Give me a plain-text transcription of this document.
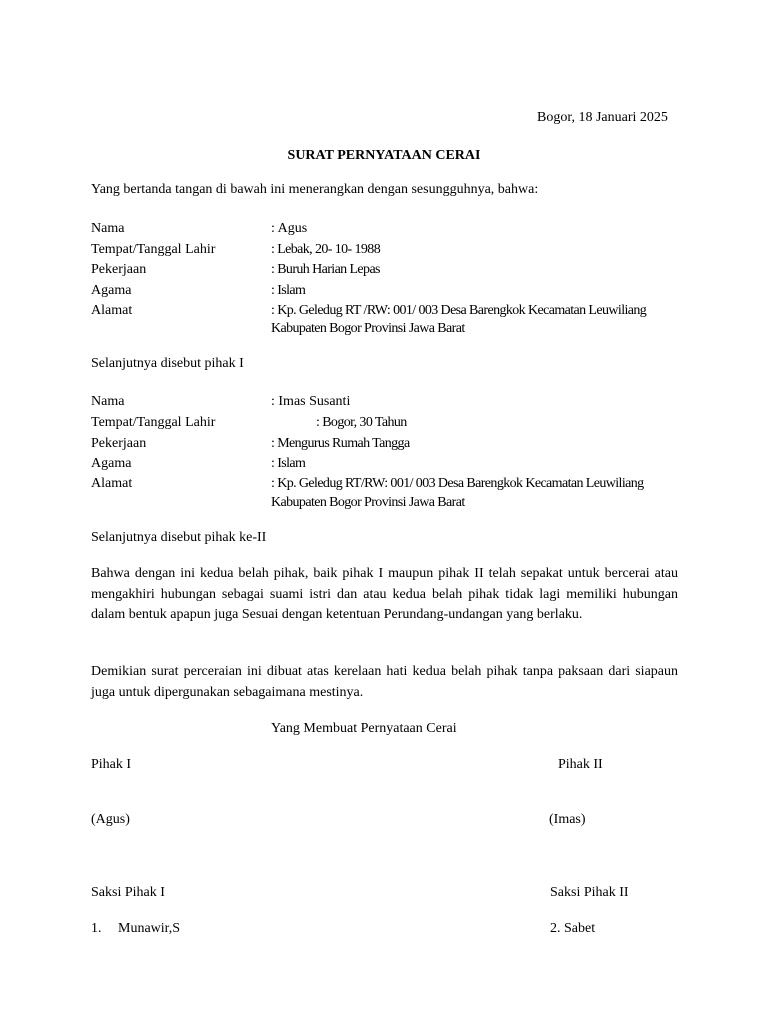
Bogor, 18 Januari 2025
SURAT PERNYATAAN CERAI
Yang bertanda tangan di bawah ini menerangkan dengan sesungguhnya, bahwa:
Nama	: Agus
Tempat/Tanggal Lahir	: Lebak, 20- 10- 1988
Pekerjaan	: Buruh Harian Lepas
Agama	: Islam
Alamat	: Kp. Geledug RT /RW: 001/ 003 Desa Barengkok Kecamatan Leuwiliang
Kabupaten Bogor Provinsi Jawa Barat
Selanjutnya disebut pihak I
Nama	: Imas Susanti
Tempat/Tanggal Lahir	: Bogor, 30 Tahun
Pekerjaan	: Mengurus Rumah Tangga
Agama	: Islam
Alamat	: Kp. Geledug RT/RW: 001/ 003 Desa Barengkok Kecamatan Leuwiliang
Kabupaten Bogor Provinsi Jawa Barat
Selanjutnya disebut pihak ke-II
Bahwa dengan ini kedua belah pihak, baik pihak I maupun pihak II telah sepakat untuk bercerai atau mengakhiri hubungan sebagai suami istri dan atau kedua belah pihak tidak lagi memiliki hubungan dalam bentuk apapun juga Sesuai dengan ketentuan Perundang-undangan yang berlaku.
Demikian surat perceraian ini dibuat atas kerelaan hati kedua belah pihak tanpa paksaan dari siapaun juga untuk dipergunakan sebagaimana mestinya.
Yang Membuat Pernyataan Cerai
Pihak I	Pihak II
(Agus)	(Imas)
Saksi Pihak I	Saksi Pihak II
1. Munawir,S	2. Sabet
